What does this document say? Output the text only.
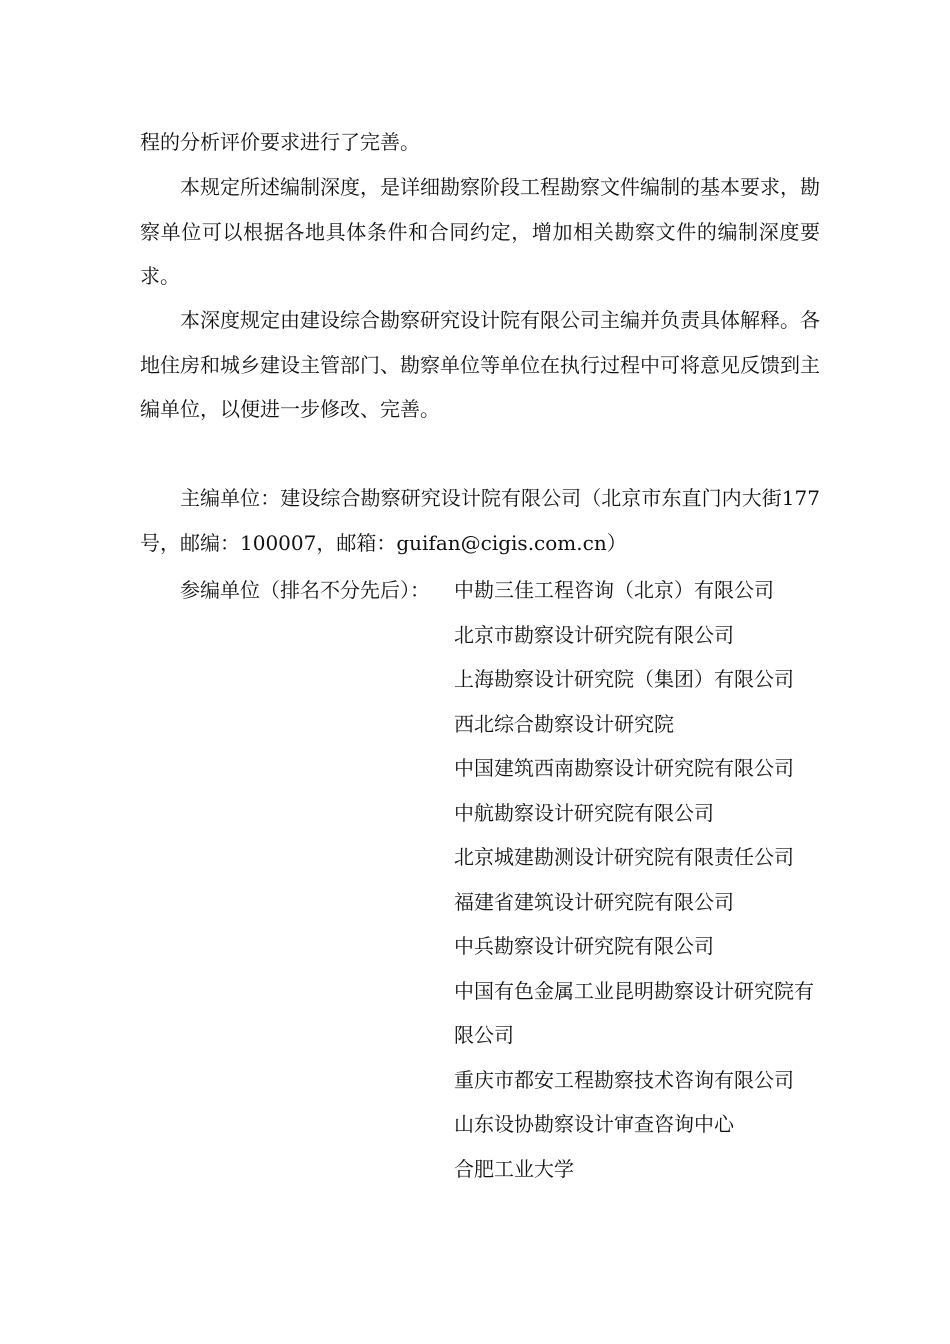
程的分析评价要求进行了完善。

本规定所述编制深度，是详细勘察阶段工程勘察文件编制的基本要求，勘察单位可以根据各地具体条件和合同约定，增加相关勘察文件的编制深度要求。

本深度规定由建设综合勘察研究设计院有限公司主编并负责具体解释。各地住房和城乡建设主管部门、勘察单位等单位在执行过程中可将意见反馈到主编单位，以便进一步修改、完善。

主编单位：建设综合勘察研究设计院有限公司（北京市东直门内大街177号，邮编：100007，邮箱：guifan@cigis.com.cn）

参编单位（排名不分先后）： 中勘三佳工程咨询（北京）有限公司
北京市勘察设计研究院有限公司
上海勘察设计研究院（集团）有限公司
西北综合勘察设计研究院
中国建筑西南勘察设计研究院有限公司
中航勘察设计研究院有限公司
北京城建勘测设计研究院有限责任公司
福建省建筑设计研究院有限公司
中兵勘察设计研究院有限公司
中国有色金属工业昆明勘察设计研究院有限公司
重庆市都安工程勘察技术咨询有限公司
山东设协勘察设计审查咨询中心
合肥工业大学
